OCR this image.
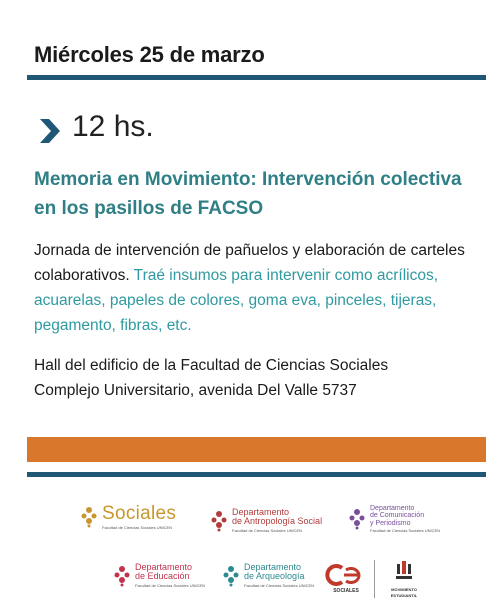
Miércoles 25 de marzo
12 hs.
Memoria en Movimiento: Intervención colectiva
en los pasillos de FACSO
Jornada de intervención de pañuelos y elaboración de carteles colaborativos. Traé insumos para intervenir como acrílicos, acuarelas, papeles de colores, goma eva, pinceles, tijeras, pegamento, fibras, etc.
Hall del edificio de la Facultad de Ciencias Sociales
Complejo Universitario, avenida Del Valle 5737
Sociales
Facultad de Ciencias Sociales UNICEN
Departamento
de Antropología Social
Facultad de Ciencias Sociales UNICEN
Departamento
de Comunicación
y Periodismo
Facultad de Ciencias Sociales UNICEN
Departamento
de Educación
Facultad de Ciencias Sociales UNICEN
Departamento
de Arqueología
Facultad de Ciencias Sociales UNICEN
SOCIALES	MOVIMIENTO
ESTUDIANTIL
